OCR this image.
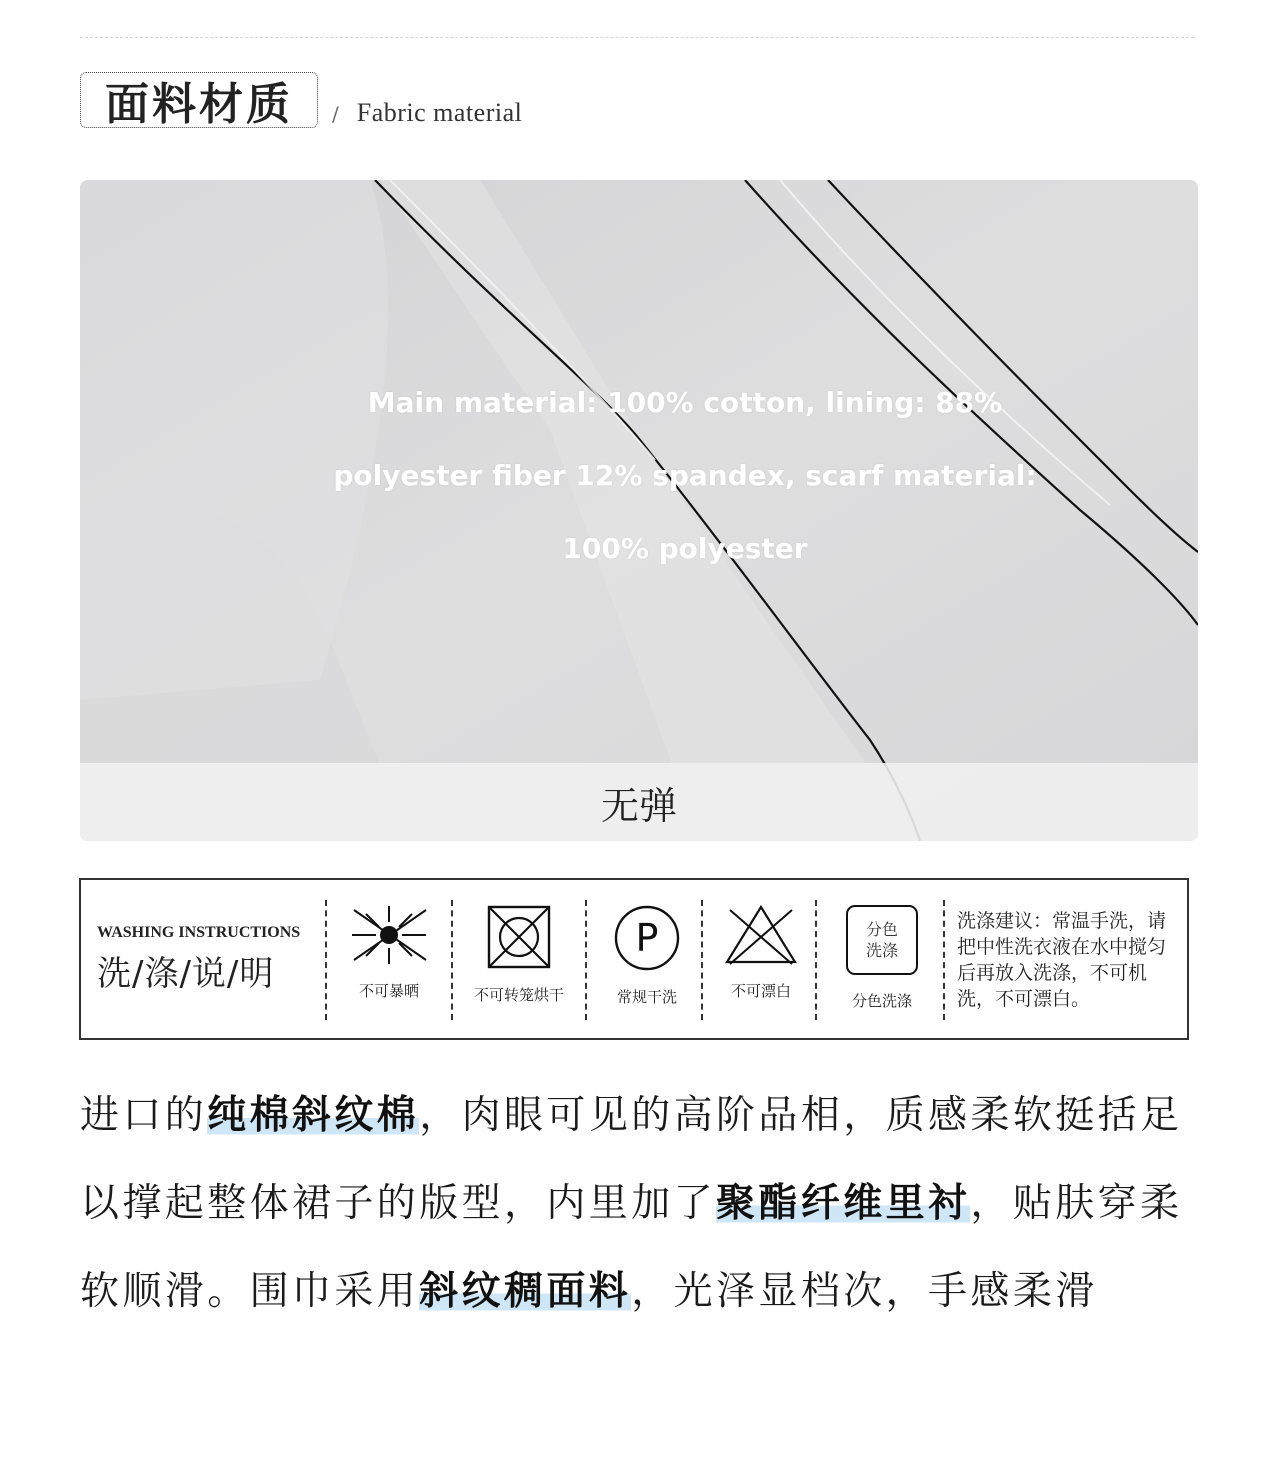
面料材质	/ Fabric material
Main material: 100% cotton, lining: 88% polyester fiber 12% spandex, scarf material: 100% polyester
无弹
WASHING INSTRUCTIONS
洗/涤/说/明	不可暴晒	不可转笼烘干
P
常规干洗	不可漂白
分色
洗涤
分色洗涤
洗涤建议：常温手洗，请把中性洗衣液在水中搅匀后再放入洗涤，不可机洗，不可漂白。
进口的纯棉斜纹棉，肉眼可见的高阶品相，质感柔软挺括足以撑起整体裙子的版型，内里加了聚酯纤维里衬，贴肤穿柔软顺滑。围巾采用斜纹稠面料，光泽显档次，手感柔滑
